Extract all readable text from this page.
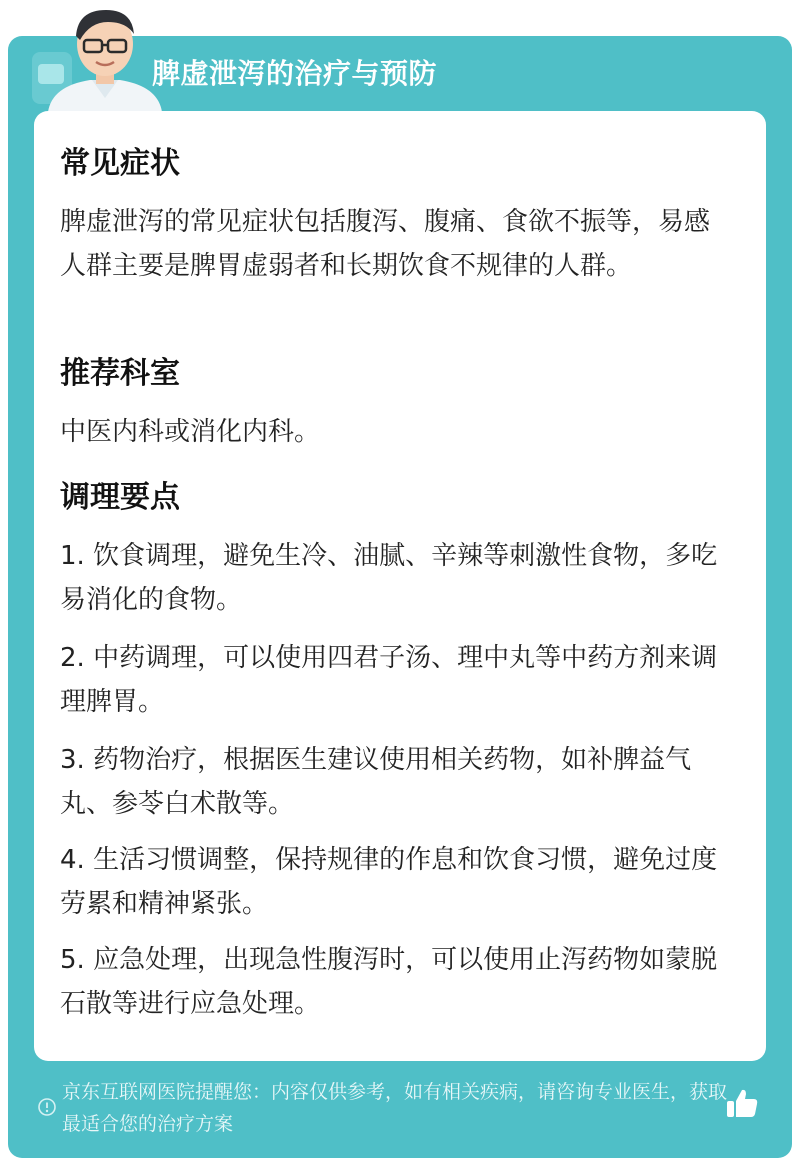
脾虚泄泻的治疗与预防
常见症状
脾虚泄泻的常见症状包括腹泻、腹痛、食欲不振等，易感人群主要是脾胃虚弱者和长期饮食不规律的人群。
推荐科室
中医内科或消化内科。
调理要点
1. 饮食调理，避免生冷、油腻、辛辣等刺激性食物，多吃易消化的食物。
2. 中药调理，可以使用四君子汤、理中丸等中药方剂来调理脾胃。
3. 药物治疗，根据医生建议使用相关药物，如补脾益气丸、参苓白术散等。
4. 生活习惯调整，保持规律的作息和饮食习惯，避免过度劳累和精神紧张。
5. 应急处理，出现急性腹泻时，可以使用止泻药物如蒙脱石散等进行应急处理。
京东互联网医院提醒您：内容仅供参考，如有相关疾病，请咨询专业医生，获取最适合您的治疗方案
